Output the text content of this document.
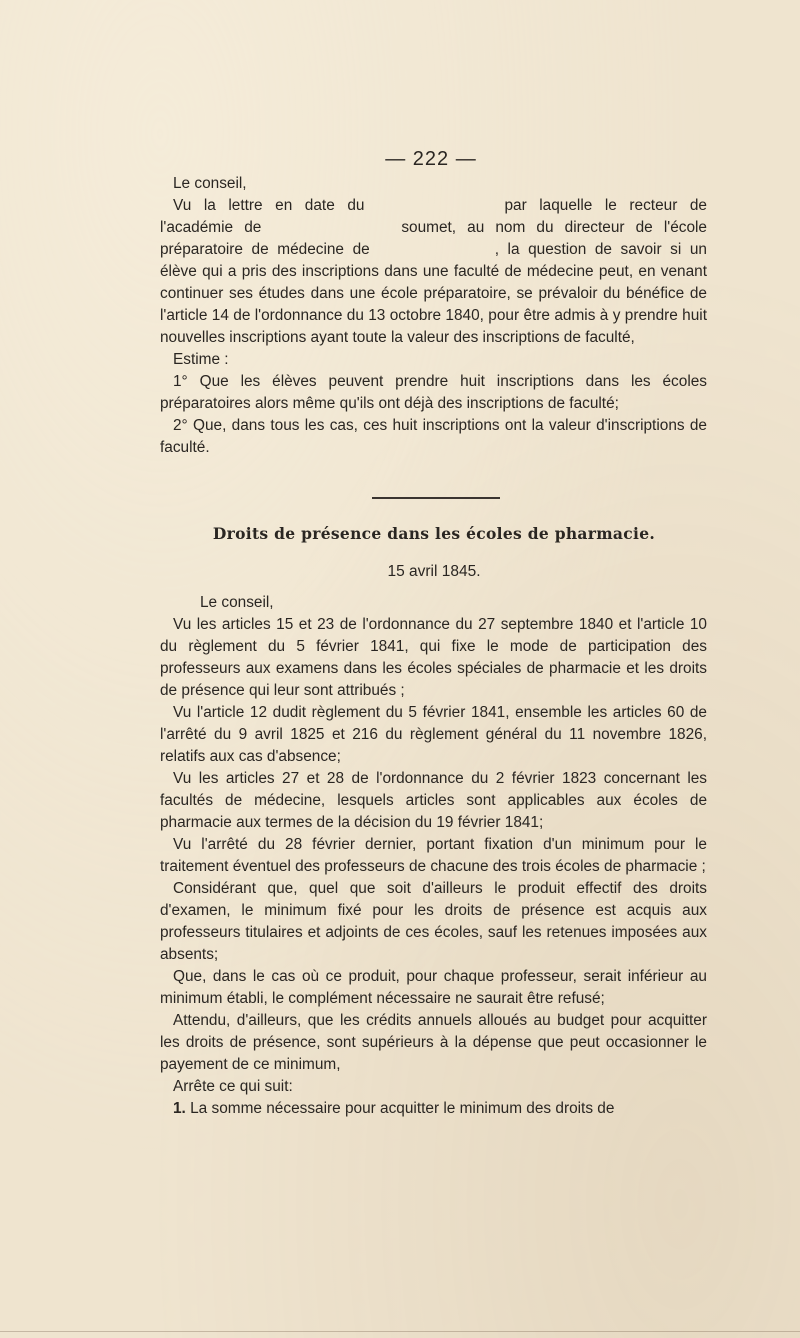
— 222 —

Le conseil,

Vu la lettre en date du	par laquelle le recteur de l'académie de	soumet, au nom du directeur de l'école préparatoire de médecine de	, la question de savoir si un élève qui a pris des inscriptions dans une faculté de médecine peut, en venant continuer ses études dans une école préparatoire, se prévaloir du bénéfice de l'article 14 de l'ordonnance du 13 octobre 1840, pour être admis à y prendre huit nouvelles inscriptions ayant toute la valeur des inscriptions de faculté,

Estime :

1° Que les élèves peuvent prendre huit inscriptions dans les écoles préparatoires alors même qu'ils ont déjà des inscriptions de faculté;

2° Que, dans tous les cas, ces huit inscriptions ont la valeur d'inscriptions de faculté.

Droits de présence dans les écoles de pharmacie.
15 avril 1845.

Le conseil,

Vu les articles 15 et 23 de l'ordonnance du 27 septembre 1840 et l'article 10 du règlement du 5 février 1841, qui fixe le mode de participation des professeurs aux examens dans les écoles spéciales de pharmacie et les droits de présence qui leur sont attribués ;

Vu l'article 12 dudit règlement du 5 février 1841, ensemble les articles 60 de l'arrêté du 9 avril 1825 et 216 du règlement général du 11 novembre 1826, relatifs aux cas d'absence;

Vu les articles 27 et 28 de l'ordonnance du 2 février 1823 concernant les facultés de médecine, lesquels articles sont applicables aux écoles de pharmacie aux termes de la décision du 19 février 1841;

Vu l'arrêté du 28 février dernier, portant fixation d'un minimum pour le traitement éventuel des professeurs de chacune des trois écoles de pharmacie ;

Considérant que, quel que soit d'ailleurs le produit effectif des droits d'examen, le minimum fixé pour les droits de présence est acquis aux professeurs titulaires et adjoints de ces écoles, sauf les retenues imposées aux absents;

Que, dans le cas où ce produit, pour chaque professeur, serait inférieur au minimum établi, le complément nécessaire ne saurait être refusé;

Attendu, d'ailleurs, que les crédits annuels alloués au budget pour acquitter les droits de présence, sont supérieurs à la dépense que peut occasionner le payement de ce minimum,

Arrête ce qui suit:

1. La somme nécessaire pour acquitter le minimum des droits de
